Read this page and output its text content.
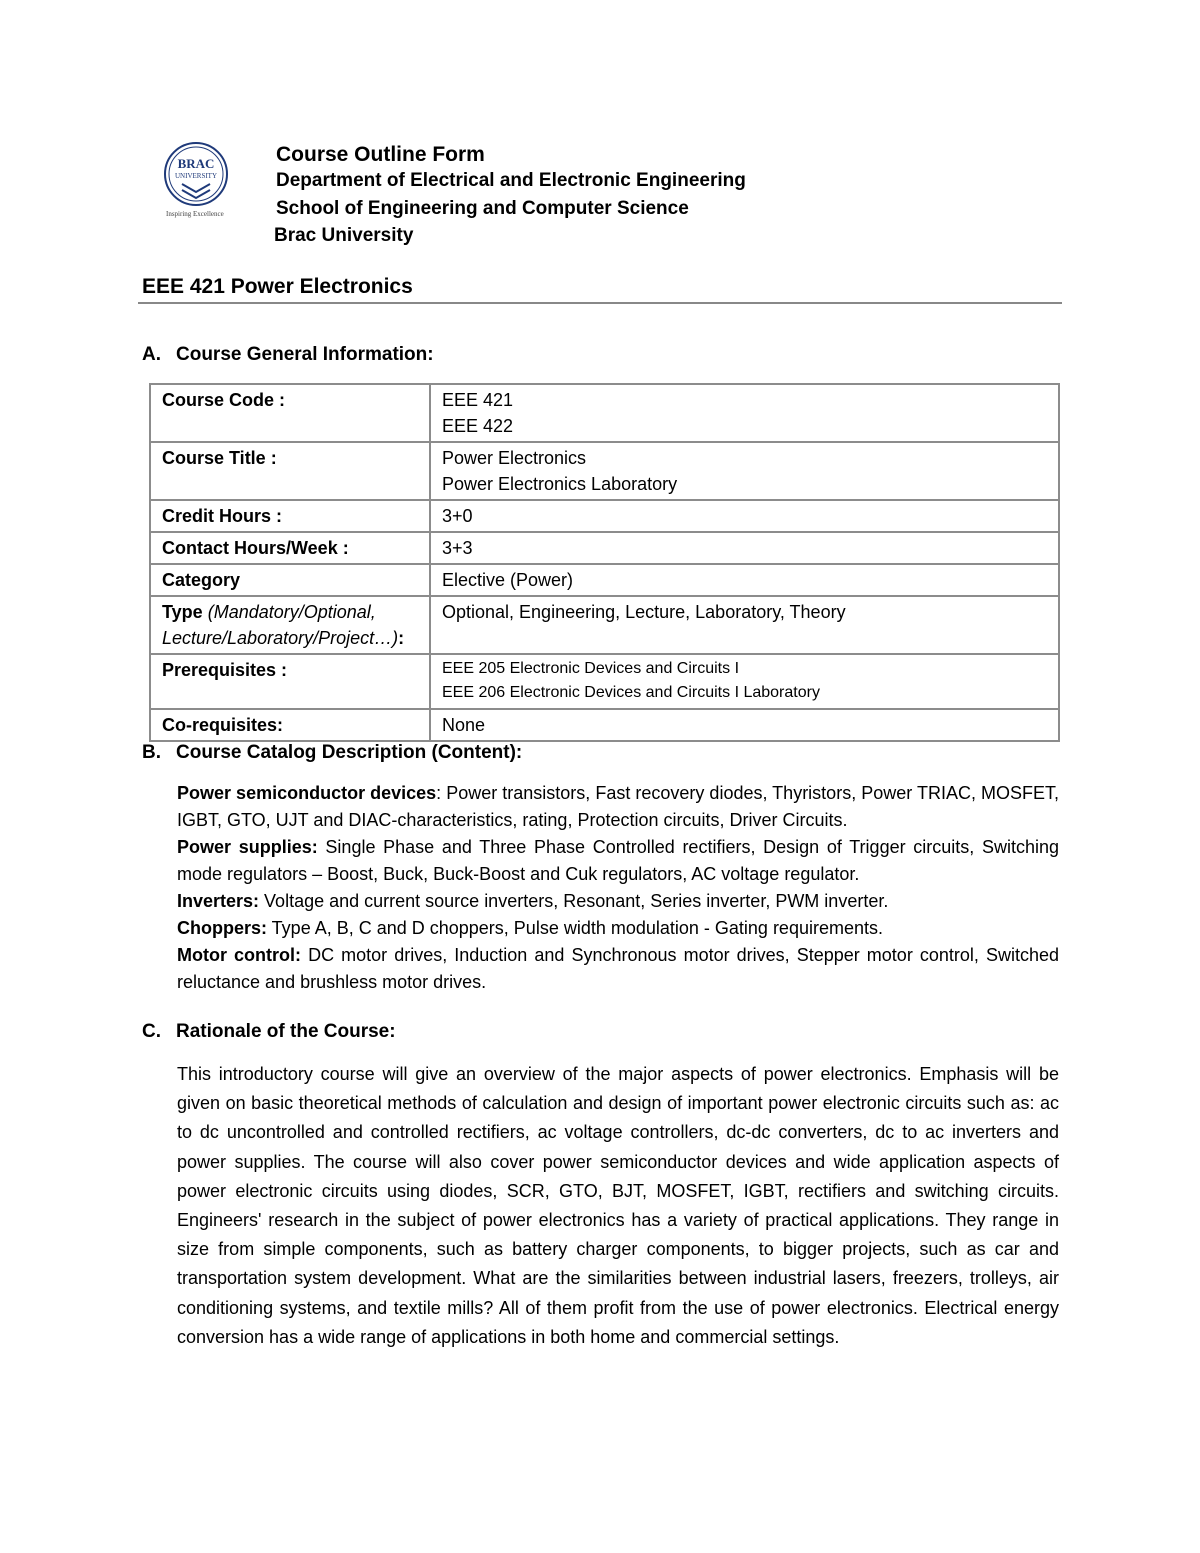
BRAC
UNIVERSITY
Inspiring Excellence
Course Outline Form
Department of Electrical and Electronic Engineering
School of Engineering and Computer Science
Brac University
EEE 421 Power Electronics
A. Course General Information:
Course Code :	EEE 421
EEE 422

Course Title :	Power Electronics
Power Electronics Laboratory

Credit Hours :	3+0
Contact Hours/Week :	3+3
Category	Elective (Power)
Type (Mandatory/Optional,
Lecture/Laboratory/Project…):	Optional, Engineering, Lecture, Laboratory, Theory
Prerequisites :	EEE 205 Electronic Devices and Circuits I
EEE 206 Electronic Devices and Circuits I Laboratory

Co-requisites:	None
B. Course Catalog Description (Content):

Power semiconductor devices: Power transistors, Fast recovery diodes, Thyristors, Power TRIAC, MOSFET, IGBT, GTO, UJT and DIAC-characteristics, rating, Protection circuits, Driver Circuits.

Power supplies: Single Phase and Three Phase Controlled rectifiers, Design of Trigger circuits, Switching mode regulators – Boost, Buck, Buck-Boost and Cuk regulators, AC voltage regulator.

Inverters: Voltage and current source inverters, Resonant, Series inverter, PWM inverter.

Choppers: Type A, B, C and D choppers, Pulse width modulation - Gating requirements.

Motor control: DC motor drives, Induction and Synchronous motor drives, Stepper motor control, Switched reluctance and brushless motor drives.

C. Rationale of the Course:

This introductory course will give an overview of the major aspects of power electronics. Emphasis will be given on basic theoretical methods of calculation and design of important power electronic circuits such as: ac to dc uncontrolled and controlled rectifiers, ac voltage controllers, dc-dc converters, dc to ac inverters and power supplies. The course will also cover power semiconductor devices and wide application aspects of power electronic circuits using diodes, SCR, GTO, BJT, MOSFET, IGBT, rectifiers and switching circuits. Engineers' research in the subject of power electronics has a variety of practical applications. They range in size from simple components, such as battery charger components, to bigger projects, such as car and transportation system development. What are the similarities between industrial lasers, freezers, trolleys, air conditioning systems, and textile mills? All of them profit from the use of power electronics. Electrical energy conversion has a wide range of applications in both home and commercial settings.
